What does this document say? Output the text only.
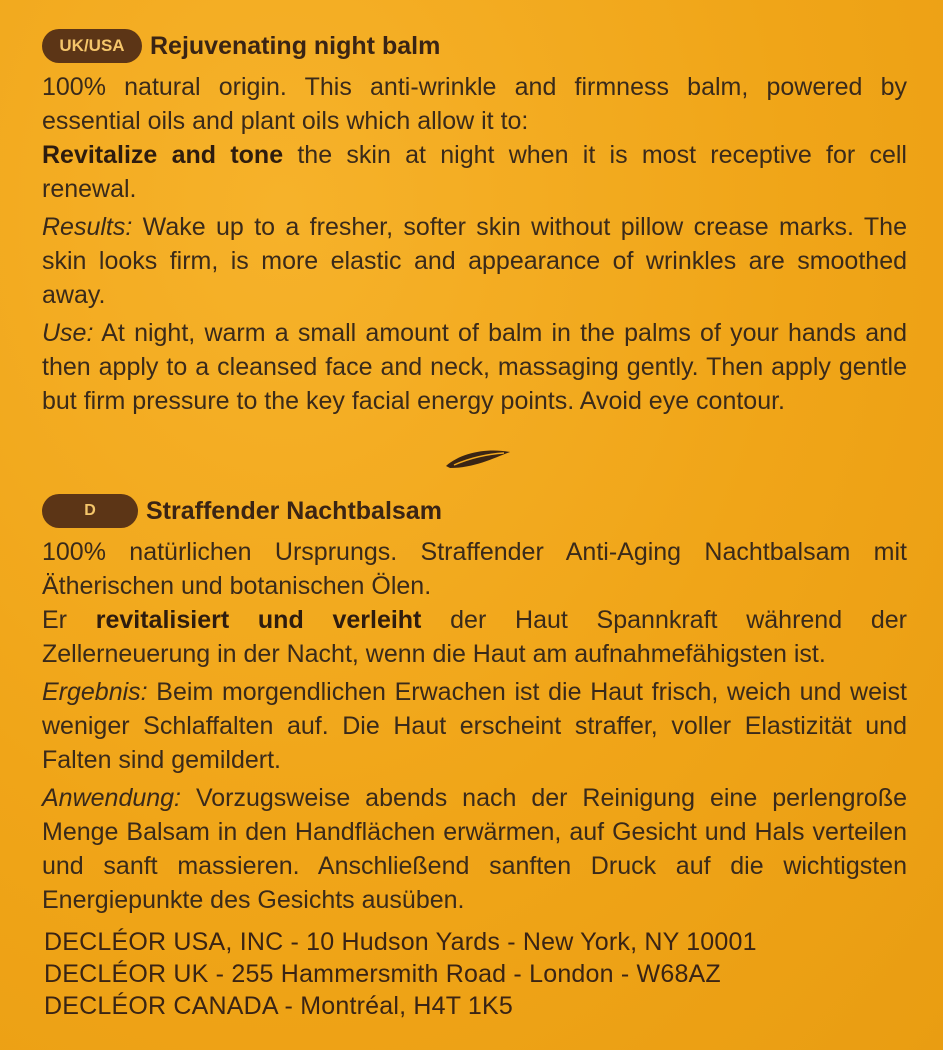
UK/USA	Rejuvenating night balm

100% natural origin. This anti-wrinkle and firmness balm, powered by essential oils and plant oils which allow it to:

Revitalize and tone the skin at night when it is most receptive for cell renewal.

Results: Wake up to a fresher, softer skin without pillow crease marks. The skin looks firm, is more elastic and appearance of wrinkles are smoothed away.

Use: At night, warm a small amount of balm in the palms of your hands and then apply to a cleansed face and neck, massaging gently. Then apply gentle but firm pressure to the key facial energy points. Avoid eye contour.

D	Straffender Nachtbalsam

100% natürlichen Ursprungs. Straffender Anti-Aging Nachtbalsam mit Ätherischen und botanischen Ölen.

Er revitalisiert und verleiht der Haut Spannkraft während der Zellerneuerung in der Nacht, wenn die Haut am aufnahmefähigsten ist.

Ergebnis: Beim morgendlichen Erwachen ist die Haut frisch, weich und weist weniger Schlaffalten auf. Die Haut erscheint straffer, voller Elastizität und Falten sind gemildert.

Anwendung: Vorzugsweise abends nach der Reinigung eine perlengroße Menge Balsam in den Handflächen erwärmen, auf Gesicht und Hals verteilen und sanft massieren. Anschließend sanften Druck auf die wichtigsten Energiepunkte des Gesichts ausüben.

DECLÉOR USA, INC - 10 Hudson Yards - New York, NY 10001
DECLÉOR UK - 255 Hammersmith Road - London - W68AZ
DECLÉOR CANADA - Montréal, H4T 1K5
